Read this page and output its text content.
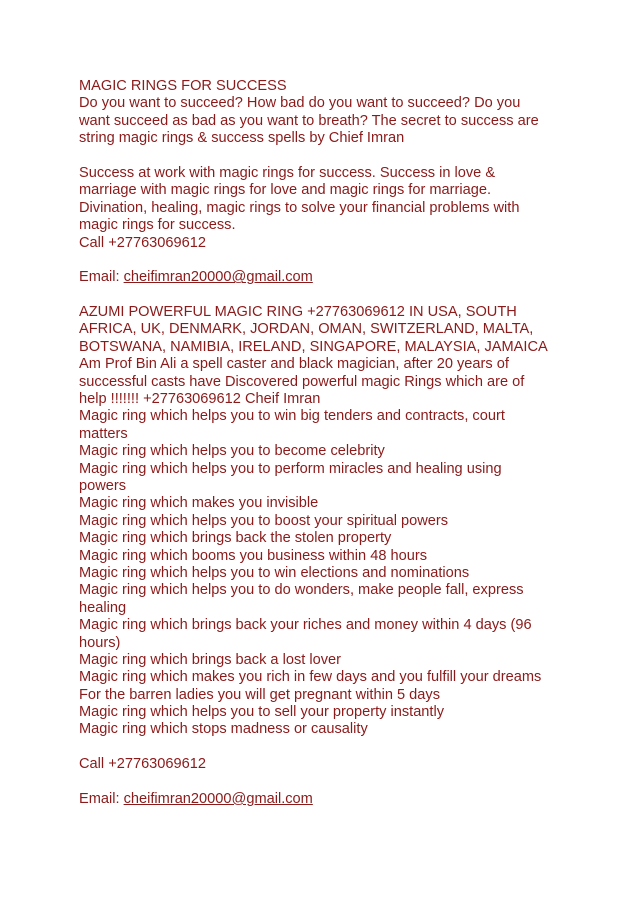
MAGIC RINGS FOR SUCCESS
Do you want to succeed? How bad do you want to succeed? Do you
want succeed as bad as you want to breath? The secret to success are
string magic rings & success spells by Chief Imran
Success at work with magic rings for success. Success in love &
marriage with magic rings for love and magic rings for marriage.
Divination, healing, magic rings to solve your financial problems with
magic rings for success.
Call +27763069612
Email: cheifimran20000@gmail.com
AZUMI POWERFUL MAGIC RING +27763069612 IN USA, SOUTH
AFRICA, UK, DENMARK, JORDAN, OMAN, SWITZERLAND, MALTA,
BOTSWANA, NAMIBIA, IRELAND, SINGAPORE, MALAYSIA, JAMAICA
Am Prof Bin Ali a spell caster and black magician, after 20 years of
successful casts have Discovered powerful magic Rings which are of
help !!!!!!! +27763069612 Cheif Imran
Magic ring which helps you to win big tenders and contracts, court
matters
Magic ring which helps you to become celebrity
Magic ring which helps you to perform miracles and healing using
powers
Magic ring which makes you invisible
Magic ring which helps you to boost your spiritual powers
Magic ring which brings back the stolen property
Magic ring which booms you business within 48 hours
Magic ring which helps you to win elections and nominations
Magic ring which helps you to do wonders, make people fall, express
healing
Magic ring which brings back your riches and money within 4 days (96
hours)
Magic ring which brings back a lost lover
Magic ring which makes you rich in few days and you fulfill your dreams
For the barren ladies you will get pregnant within 5 days
Magic ring which helps you to sell your property instantly
Magic ring which stops madness or causality
Call +27763069612
Email: cheifimran20000@gmail.com
